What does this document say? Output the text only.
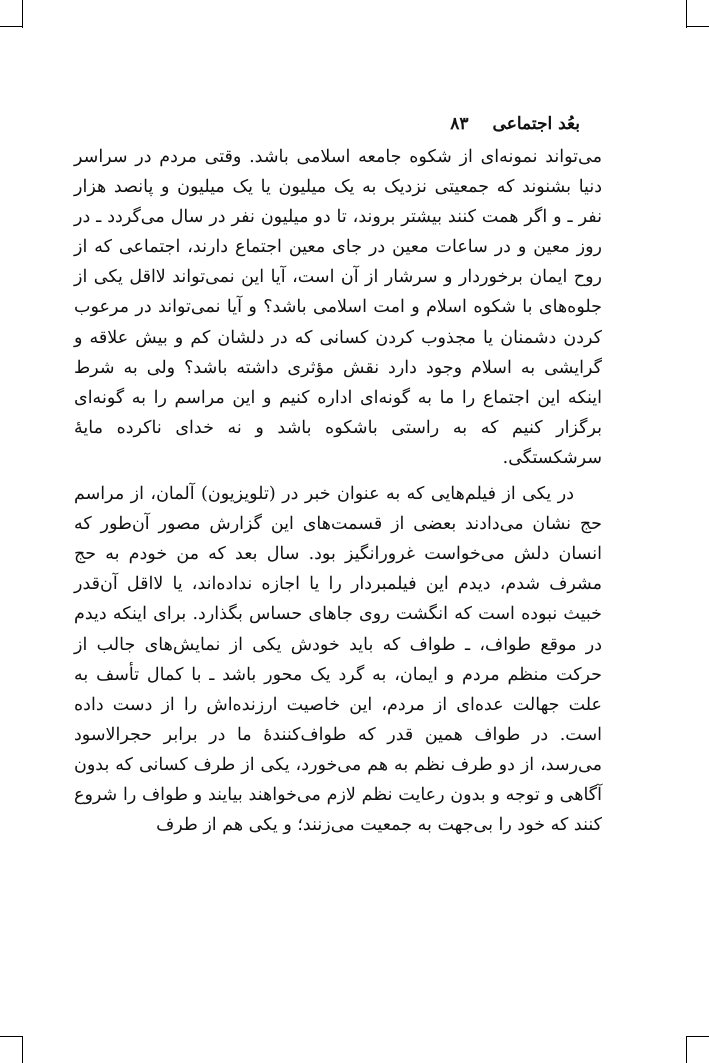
بعُد اجتماعی
۸۳

می‌تواند نمونه‌ای از شکوه جامعه اسلامی باشد. وقتی مردم در سراسر دنیا بشنوند که جمعیتی نزدیک به یک میلیون یا یک میلیون و پانصد هزار نفر ـ و اگر همت کنند بیشتر بروند، تا دو میلیون نفر در سال می‌گردد ـ در روز معین و در ساعات معین در جای معین اجتماع دارند، اجتماعی که از روح ایمان برخوردار و سرشار از آن است، آیا این نمی‌تواند لااقل یکی از جلوه‌های با شکوه اسلام و امت اسلامی باشد؟ و آیا نمی‌تواند در مرعوب کردن دشمنان یا مجذوب کردن کسانی که در دلشان کم و بیش علاقه و گرایشی به اسلام وجود دارد نقش مؤثری داشته باشد؟ ولی به شرط اینکه این اجتماع را ما به گونه‌ای اداره کنیم و این مراسم را به گونه‌ای برگزار کنیم که به راستی باشکوه باشد و نه خدای ناکرده مایهٔ سرشکستگی.

در یکی از فیلم‌هایی که به عنوان خبر در (تلویزیون) آلمان، از مراسم حج نشان می‌دادند بعضی از قسمت‌های این گزارش مصور آن‌طور که انسان دلش می‌خواست غرورانگیز بود. سال بعد که من خودم به حج مشرف شدم، دیدم این فیلمبردار را یا اجازه نداده‌اند، یا لااقل آن‌قدر خبیث نبوده است که انگشت روی جاهای حساس بگذارد. برای اینکه دیدم در موقع طواف، ـ طواف که باید خودش یکی از نمایش‌های جالب از حرکت منظم مردم و ایمان، به گرد یک محور باشد ـ با کمال تأسف به علت جهالت عده‌ای از مردم، این خاصیت ارزنده‌اش را از دست داده است. در طواف همین قدر که طواف‌کنندهٔ ما در برابر حجرالاسود می‌رسد، از دو طرف نظم به هم می‌خورد، یکی از طرف کسانی که بدون آگاهی و توجه و بدون رعایت نظم لازم می‌خواهند بیایند و طواف را شروع کنند که خود را بی‌جهت به جمعیت می‌زنند؛ و یکی هم از طرف
